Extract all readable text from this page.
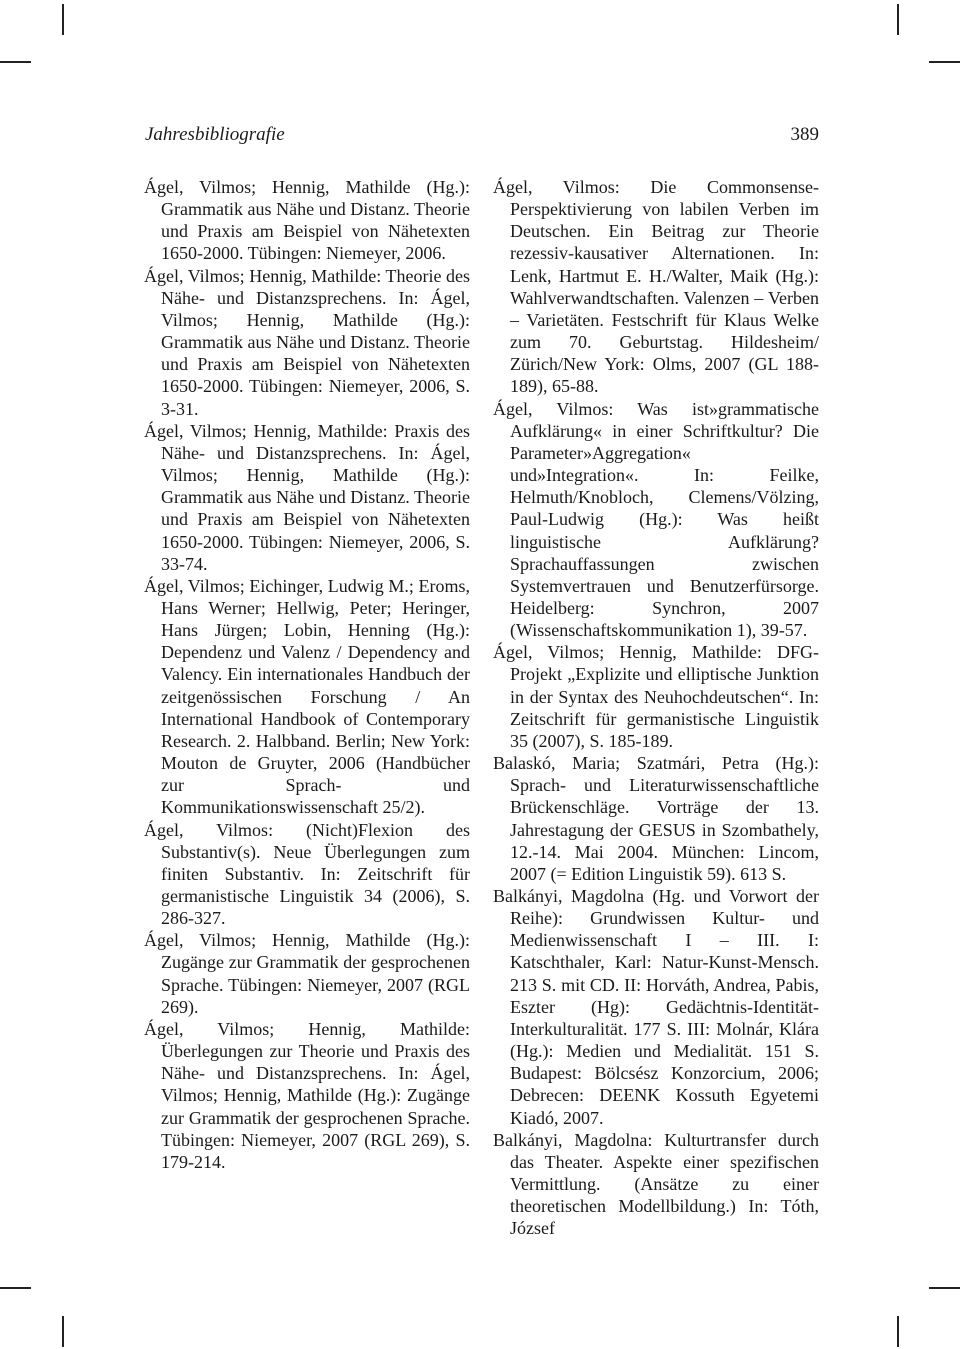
Jahresbibliografie	389

Ágel, Vilmos; Hennig, Mathilde (Hg.): Grammatik aus Nähe und Distanz. Theorie und Praxis am Beispiel von Nähetexten 1650-2000. Tübingen: Niemeyer, 2006.

Ágel, Vilmos; Hennig, Mathilde: Theorie des Nähe- und Distanzsprechens. In: Ágel, Vilmos; Hennig, Mathilde (Hg.): Grammatik aus Nähe und Distanz. Theorie und Praxis am Beispiel von Nähetexten 1650-2000. Tübingen: Niemeyer, 2006, S. 3-31.

Ágel, Vilmos; Hennig, Mathilde: Praxis des Nähe- und Distanzsprechens. In: Ágel, Vilmos; Hennig, Mathilde (Hg.): Grammatik aus Nähe und Distanz. Theorie und Praxis am Beispiel von Nähetexten 1650-2000. Tübingen: Niemeyer, 2006, S. 33-74.

Ágel, Vilmos; Eichinger, Ludwig M.; Eroms, Hans Werner; Hellwig, Peter; Heringer, Hans Jürgen; Lobin, Henning (Hg.): Dependenz und Valenz / Dependency and Valency. Ein internationales Handbuch der zeitgenössischen Forschung / An International Handbook of Contemporary Research. 2. Halbband. Berlin; New York: Mouton de Gruyter, 2006 (Handbücher zur Sprach- und Kommunikationswissenschaft 25/2).

Ágel, Vilmos: (Nicht)Flexion des Substantiv(s). Neue Überlegungen zum finiten Substantiv. In: Zeitschrift für germanistische Linguistik 34 (2006), S. 286-327.

Ágel, Vilmos; Hennig, Mathilde (Hg.): Zugänge zur Grammatik der gesprochenen Sprache. Tübingen: Niemeyer, 2007 (RGL 269).

Ágel, Vilmos; Hennig, Mathilde: Überlegungen zur Theorie und Praxis des Nähe- und Distanzsprechens. In: Ágel, Vilmos; Hennig, Mathilde (Hg.): Zugänge zur Grammatik der gesprochenen Sprache. Tübingen: Niemeyer, 2007 (RGL 269), S. 179-214.

Ágel, Vilmos: Die Commonsense-Perspektivierung von labilen Verben im Deutschen. Ein Beitrag zur Theorie rezessiv-kausativer Alternationen. In: Lenk, Hartmut E. H./Walter, Maik (Hg.): Wahlverwandtschaften. Valenzen – Verben – Varietäten. Festschrift für Klaus Welke zum 70. Geburtstag. Hildesheim/ Zürich/New York: Olms, 2007 (GL 188-189), 65-88.

Ágel, Vilmos: Was ist»grammatische Aufklärung« in einer Schriftkultur? Die Parameter»Aggregation« und»Integration«. In: Feilke, Helmuth/Knobloch, Clemens/Völzing, Paul-Ludwig (Hg.): Was heißt linguistische Aufklärung? Sprachauffassungen zwischen Systemvertrauen und Benutzerfürsorge. Heidelberg: Synchron, 2007 (Wissenschaftskommunikation 1), 39-57.

Ágel, Vilmos; Hennig, Mathilde: DFG-Projekt „Explizite und elliptische Junktion in der Syntax des Neuhochdeutschen“. In: Zeitschrift für germanistische Linguistik 35 (2007), S. 185-189.

Balaskó, Maria; Szatmári, Petra (Hg.): Sprach- und Literaturwissenschaftliche Brückenschläge. Vorträge der 13. Jahrestagung der GESUS in Szombathely, 12.-14. Mai 2004. München: Lincom, 2007 (= Edition Linguistik 59). 613 S.

Balkányi, Magdolna (Hg. und Vorwort der Reihe): Grundwissen Kultur- und Medienwissenschaft I – III. I: Katschthaler, Karl: Natur-Kunst-Mensch. 213 S. mit CD. II: Horváth, Andrea, Pabis, Eszter (Hg): Gedächtnis-Identität-Interkulturalität. 177 S. III: Molnár, Klára (Hg.): Medien und Medialität. 151 S. Budapest: Bölcsész Konzorcium, 2006; Debrecen: DEENK Kossuth Egyetemi Kiadó, 2007.

Balkányi, Magdolna: Kulturtransfer durch das Theater. Aspekte einer spezifischen Vermittlung. (Ansätze zu einer theoretischen Modellbildung.) In: Tóth, József
